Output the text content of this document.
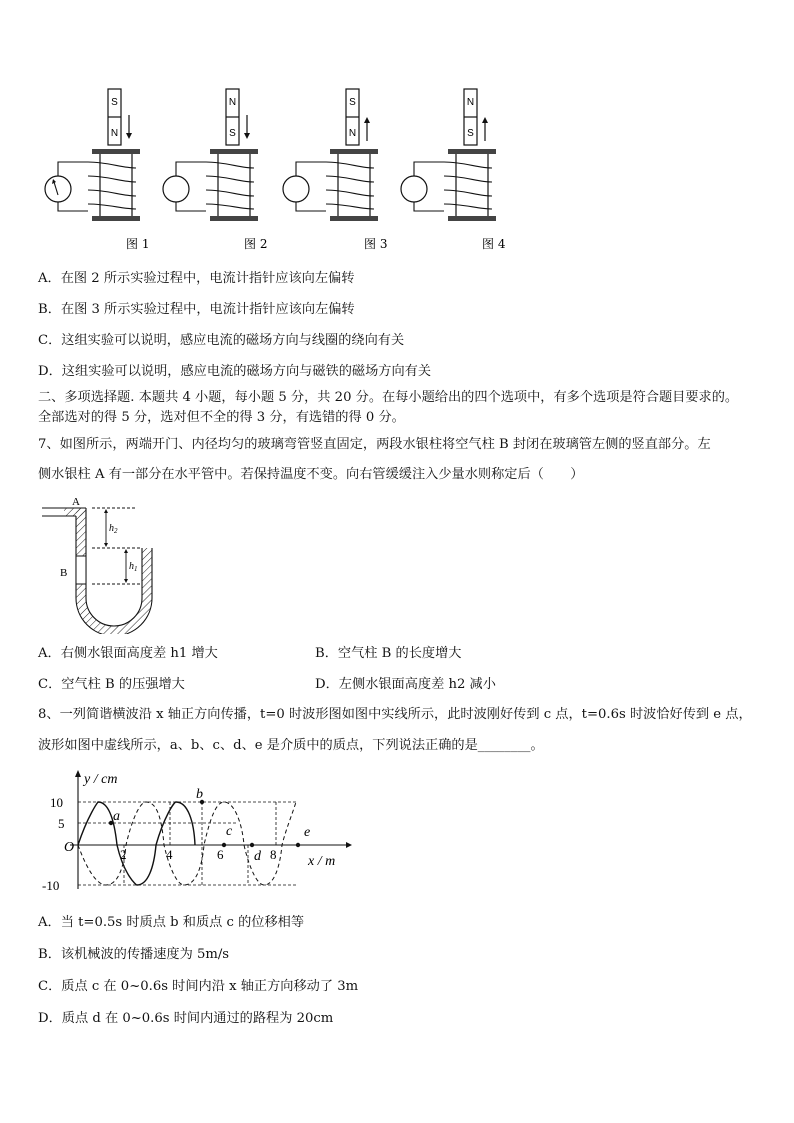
S
N
N
S
S
N
N
S
图 1	图 2	图 3	图 4
A．在图 2 所示实验过程中，电流计指针应该向左偏转
B．在图 3 所示实验过程中，电流计指针应该向左偏转
C．这组实验可以说明，感应电流的磁场方向与线圈的绕向有关
D．这组实验可以说明，感应电流的磁场方向与磁铁的磁场方向有关
二、多项选择题. 本题共 4 小题，每小题 5 分，共 20 分。在每小题给出的四个选项中，有多个选项是符合题目要求的。
全部选对的得 5 分，选对但不全的得 3 分，有选错的得 0 分。
7、如图所示，两端开门、内径均匀的玻璃弯管竖直固定，两段水银柱将空气柱 B 封闭在玻璃管左侧的竖直部分。左
侧水银柱 A 有一部分在水平管中。若保持温度不变。向右管缓缓注入少量水则称定后（　　）
A
B
$h_2$
$h_1$
A．右侧水银面高度差 h1 增大	B．空气柱 B 的长度增大
C．空气柱 B 的压强增大	D．左侧水银面高度差 h2 减小
8、一列简谐横波沿 x 轴正方向传播，t=0 时波形图如图中实线所示，此时波刚好传到 c 点，t=0.6s 时波恰好传到 e 点，
波形如图中虚线所示，a、b、c、d、e 是介质中的质点，下列说法正确的是________。
a
b
c
d
e
y / cm
x / m
O
10
5
-10
2	4	6	8
A．当 t=0.5s 时质点 b 和质点 c 的位移相等
B．该机械波的传播速度为 5m/s
C．质点 c 在 0~0.6s 时间内沿 x 轴正方向移动了 3m
D．质点 d 在 0~0.6s 时间内通过的路程为 20cm
